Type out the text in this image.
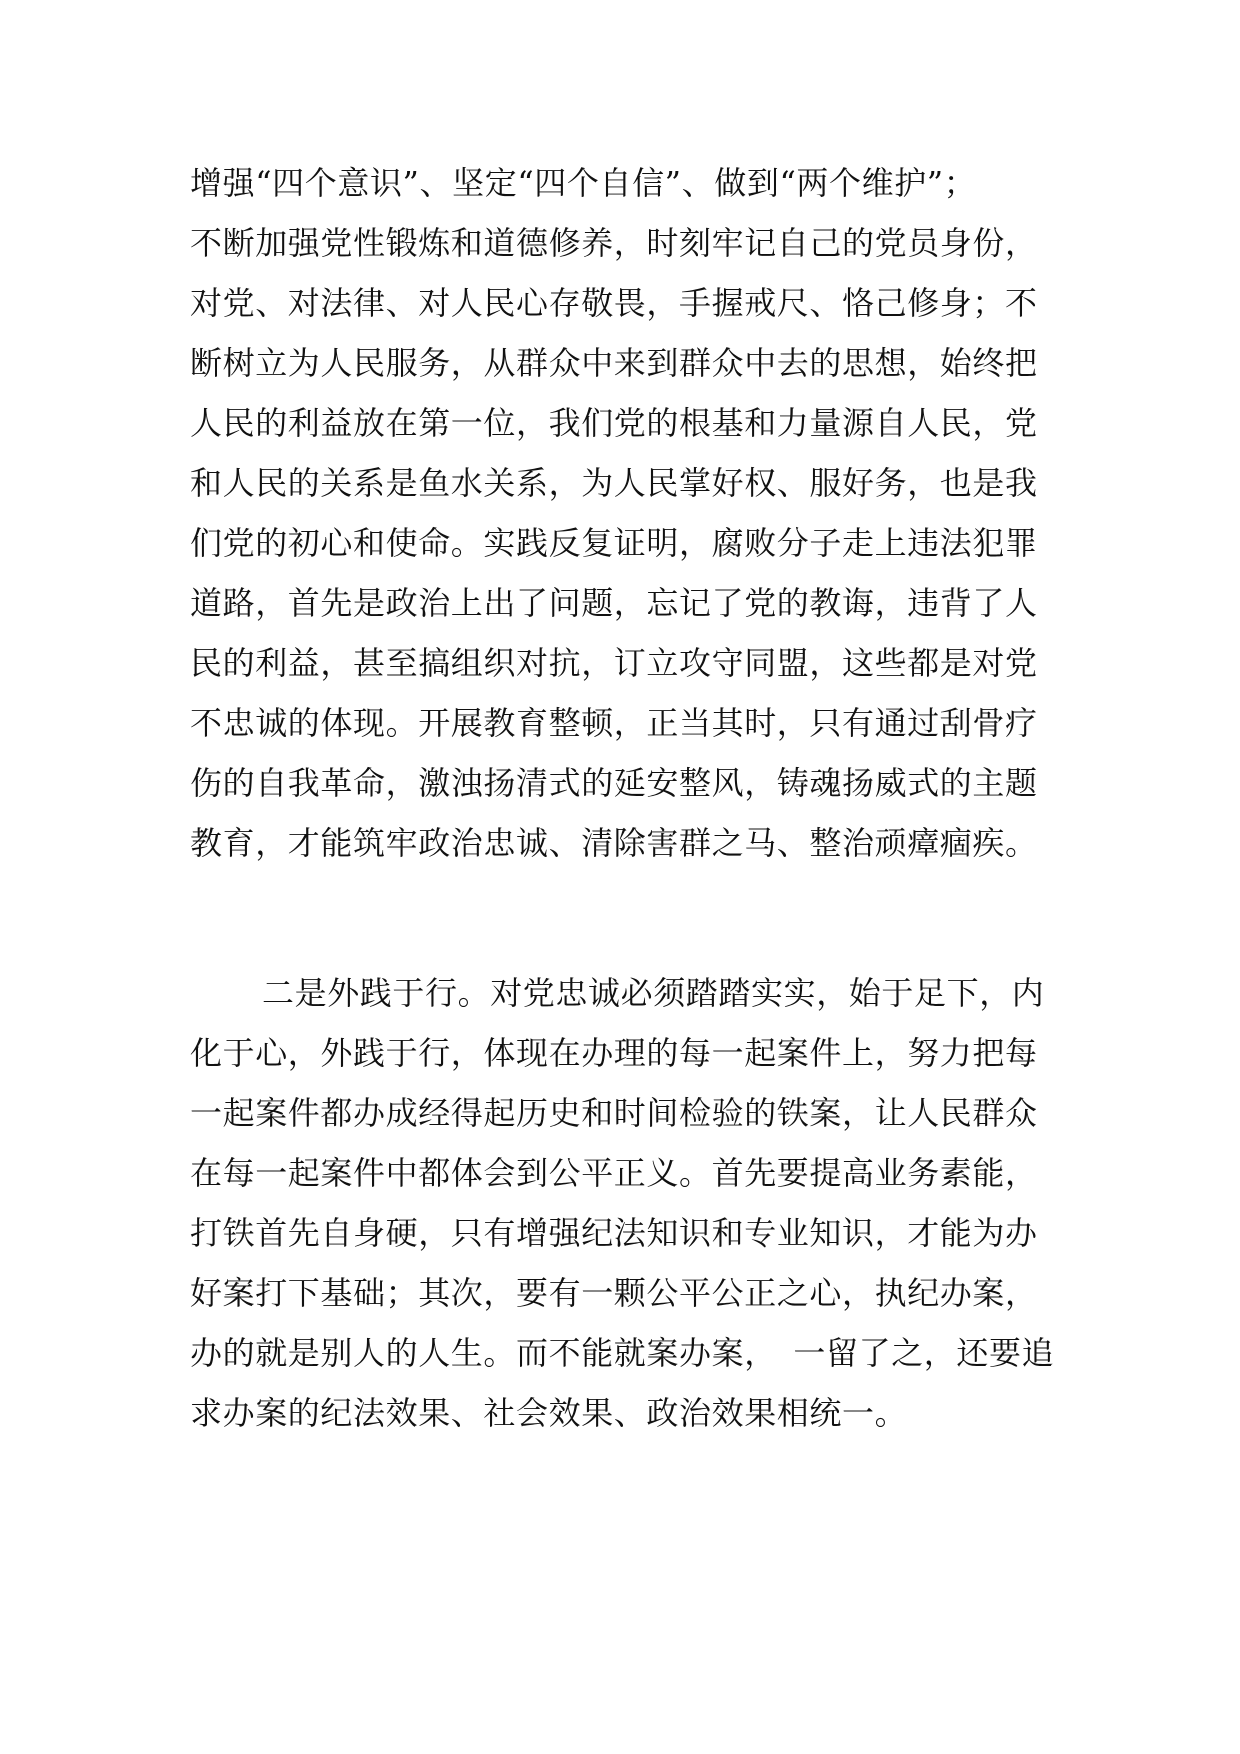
增强“四个意识”、坚定“四个自信”、做到“两个维护”；
不断加强党性锻炼和道德修养，时刻牢记自己的党员身份，
对党、对法律、对人民心存敬畏，手握戒尺、恪己修身；不
断树立为人民服务，从群众中来到群众中去的思想，始终把
人民的利益放在第一位，我们党的根基和力量源自人民，党
和人民的关系是鱼水关系，为人民掌好权、服好务，也是我
们党的初心和使命。实践反复证明，腐败分子走上违法犯罪
道路，首先是政治上出了问题，忘记了党的教诲，违背了人
民的利益，甚至搞组织对抗，订立攻守同盟，这些都是对党
不忠诚的体现。开展教育整顿，正当其时，只有通过刮骨疗
伤的自我革命，激浊扬清式的延安整风，铸魂扬威式的主题
教育，才能筑牢政治忠诚、清除害群之马、整治顽瘴痼疾。
二是外践于行。对党忠诚必须踏踏实实，始于足下，内
化于心，外践于行，体现在办理的每一起案件上，努力把每
一起案件都办成经得起历史和时间检验的铁案，让人民群众
在每一起案件中都体会到公平正义。首先要提高业务素能，
打铁首先自身硬，只有增强纪法知识和专业知识，才能为办
好案打下基础；其次，要有一颗公平公正之心，执纪办案，
办的就是别人的人生。而不能就案办案，　一留了之，还要追
求办案的纪法效果、社会效果、政治效果相统一。
